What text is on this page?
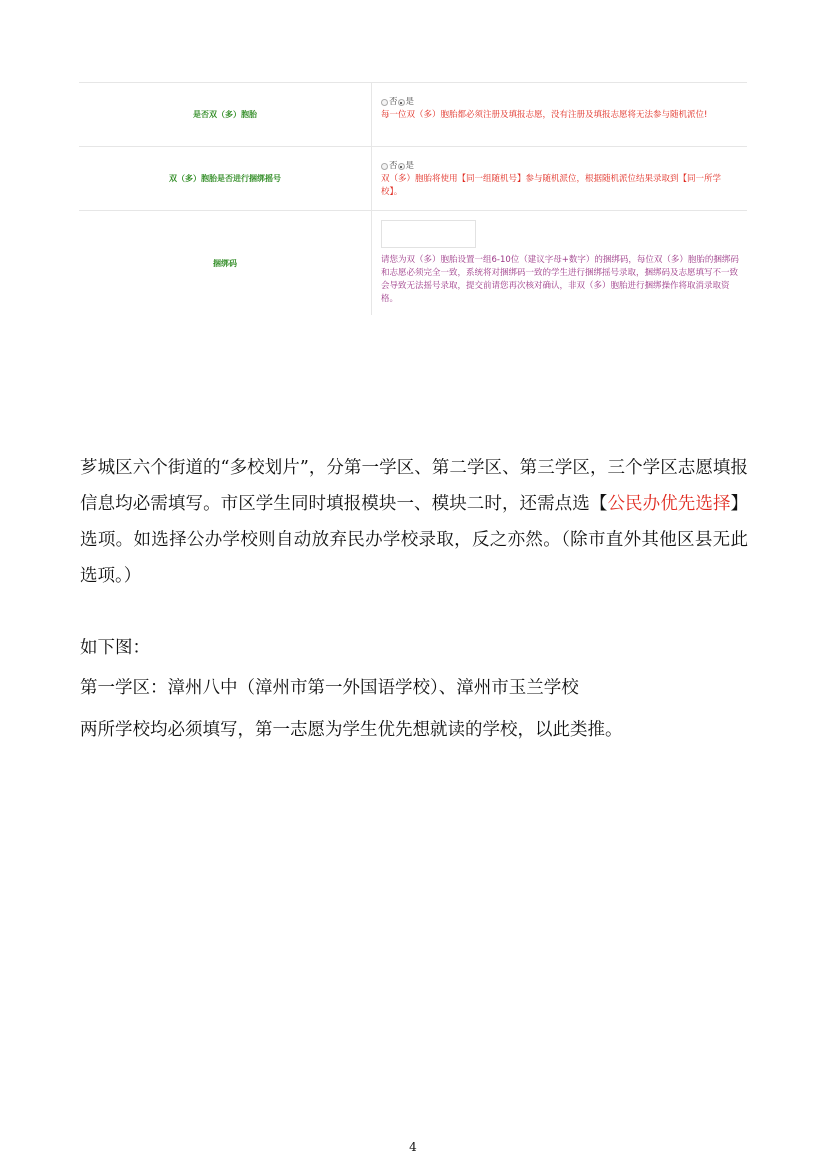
是否双（多）胞胎
否 是
每一位双（多）胞胎都必须注册及填报志愿，没有注册及填报志愿将无法参与随机派位!
双（多）胞胎是否进行捆绑摇号
否 是
双（多）胞胎将使用【同一组随机号】参与随机派位，根据随机派位结果录取到【同一所学校】。
捆绑码	请您为双（多）胞胎设置一组6-10位（建议字母+数字）的捆绑码，每位双（多）胞胎的捆绑码和志愿必须完全一致，系统将对捆绑码一致的学生进行捆绑摇号录取，捆绑码及志愿填写不一致会导致无法摇号录取，提交前请您再次核对确认，非双（多）胞胎进行捆绑操作将取消录取资格。
芗城区六个街道的“多校划片”，分第一学区、第二学区、第三学区，三个学区志愿填报信息均必需填写。市区学生同时填报模块一、模块二时，还需点选【公民办优先选择】选项。如选择公办学校则自动放弃民办学校录取，反之亦然。（除市直外其他区县无此选项。）
如下图：
第一学区：漳州八中（漳州市第一外国语学校）、漳州市玉兰学校
两所学校均必须填写，第一志愿为学生优先想就读的学校，以此类推。
4
